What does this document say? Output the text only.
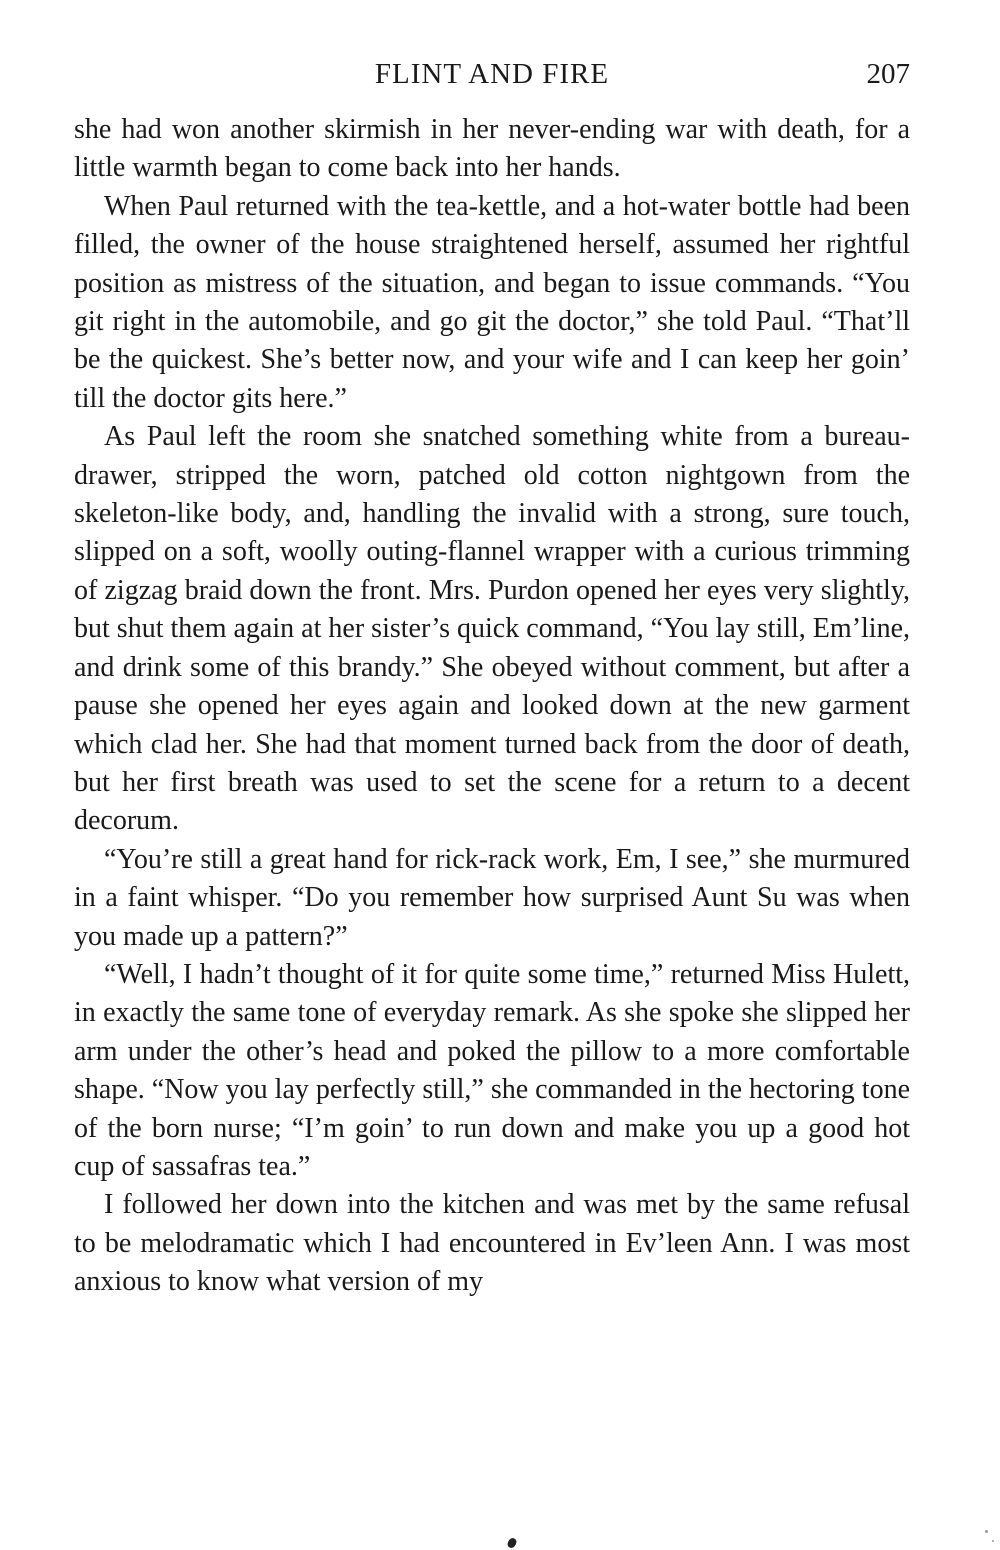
FLINT AND FIRE	207

she had won another skirmish in her never-ending war with death, for a little warmth began to come back into her hands.

When Paul returned with the tea-kettle, and a hot-water bottle had been filled, the owner of the house straightened herself, assumed her rightful position as mistress of the situation, and began to issue commands. “You git right in the automobile, and go git the doctor,” she told Paul. “That’ll be the quickest. She’s better now, and your wife and I can keep her goin’ till the doctor gits here.”

As Paul left the room she snatched something white from a bureau-drawer, stripped the worn, patched old cotton nightgown from the skeleton-like body, and, handling the invalid with a strong, sure touch, slipped on a soft, woolly outing-flannel wrapper with a curious trimming of zigzag braid down the front. Mrs. Purdon opened her eyes very slightly, but shut them again at her sister’s quick command, “You lay still, Em’line, and drink some of this brandy.” She obeyed without comment, but after a pause she opened her eyes again and looked down at the new garment which clad her. She had that moment turned back from the door of death, but her first breath was used to set the scene for a return to a decent decorum.

“You’re still a great hand for rick-rack work, Em, I see,” she murmured in a faint whisper. “Do you remember how surprised Aunt Su was when you made up a pattern?”

“Well, I hadn’t thought of it for quite some time,” returned Miss Hulett, in exactly the same tone of everyday remark. As she spoke she slipped her arm under the other’s head and poked the pillow to a more comfortable shape. “Now you lay perfectly still,” she commanded in the hectoring tone of the born nurse; “I’m goin’ to run down and make you up a good hot cup of sassafras tea.”

I followed her down into the kitchen and was met by the same refusal to be melodramatic which I had encountered in Ev’leen Ann. I was most anxious to know what version of my
